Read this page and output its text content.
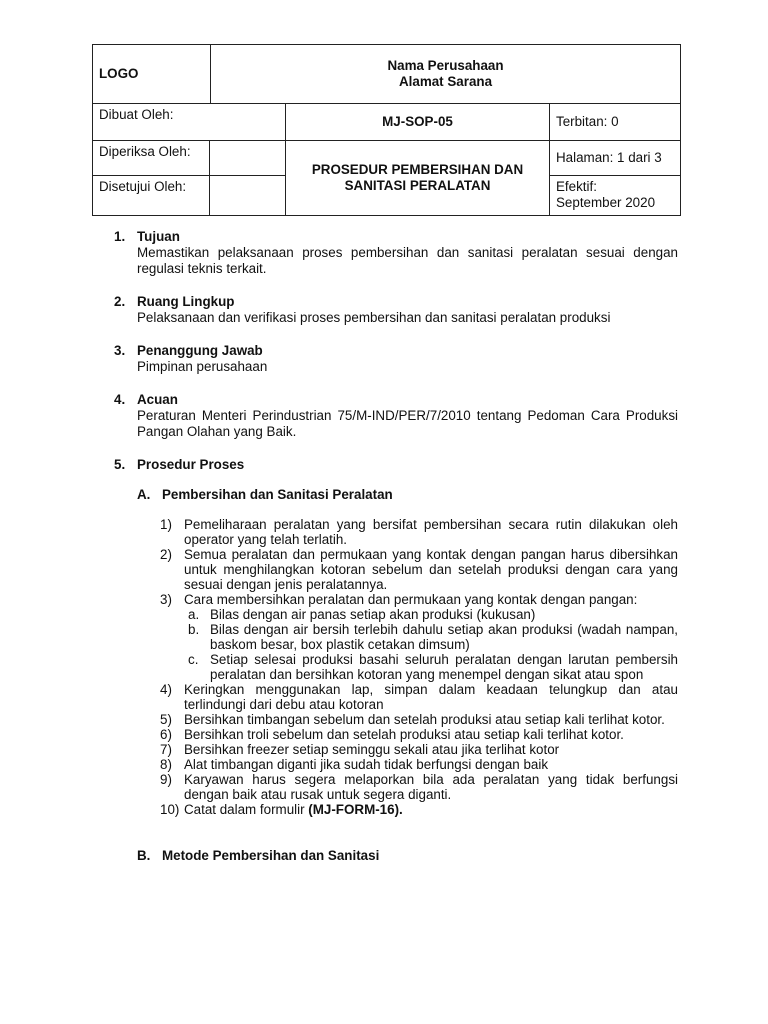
LOGO	Nama Perusahaan
Alamat Sarana		

Dibuat Oleh:		MJ-SOP-05	Terbitan: 0

Diperiksa Oleh:		PROSEDUR PEMBERSIHAN DAN SANITASI PERALATAN	Halaman: 1 dari 3

Disetujui Oleh:			Efektif:
September 2020
1. Tujuan

Memastikan pelaksanaan proses pembersihan dan sanitasi peralatan sesuai dengan regulasi teknis terkait.

2. Ruang Lingkup

Pelaksanaan dan verifikasi proses pembersihan dan sanitasi peralatan produksi

3. Penanggung Jawab

Pimpinan perusahaan

4. Acuan

Peraturan Menteri Perindustrian 75/M-IND/PER/7/2010 tentang Pedoman Cara Produksi Pangan Olahan yang Baik.

5. Prosedur Proses
A. Pembersihan dan Sanitasi Peralatan
1) Pemeliharaan peralatan yang bersifat pembersihan secara rutin dilakukan oleh operator yang telah terlatih.
2) Semua peralatan dan permukaan yang kontak dengan pangan harus dibersihkan untuk menghilangkan kotoran sebelum dan setelah produksi dengan cara yang sesuai dengan jenis peralatannya.
3) Cara membersihkan peralatan dan permukaan yang kontak dengan pangan:
a. Bilas dengan air panas setiap akan produksi (kukusan)
b. Bilas dengan air bersih terlebih dahulu setiap akan produksi (wadah nampan, baskom besar, box plastik cetakan dimsum)
c. Setiap selesai produksi basahi seluruh peralatan dengan larutan pembersih peralatan dan bersihkan kotoran yang menempel dengan sikat atau spon
4) Keringkan menggunakan lap, simpan dalam keadaan telungkup dan atau terlindungi dari debu atau kotoran
5) Bersihkan timbangan sebelum dan setelah produksi atau setiap kali terlihat kotor.
6) Bersihkan troli sebelum dan setelah produksi atau setiap kali terlihat kotor.
7) Bersihkan freezer setiap seminggu sekali atau jika terlihat kotor
8) Alat timbangan diganti jika sudah tidak berfungsi dengan baik
9) Karyawan harus segera melaporkan bila ada peralatan yang tidak berfungsi dengan baik atau rusak untuk segera diganti.
10) Catat dalam formulir (MJ-FORM-16).
B. Metode Pembersihan dan Sanitasi
